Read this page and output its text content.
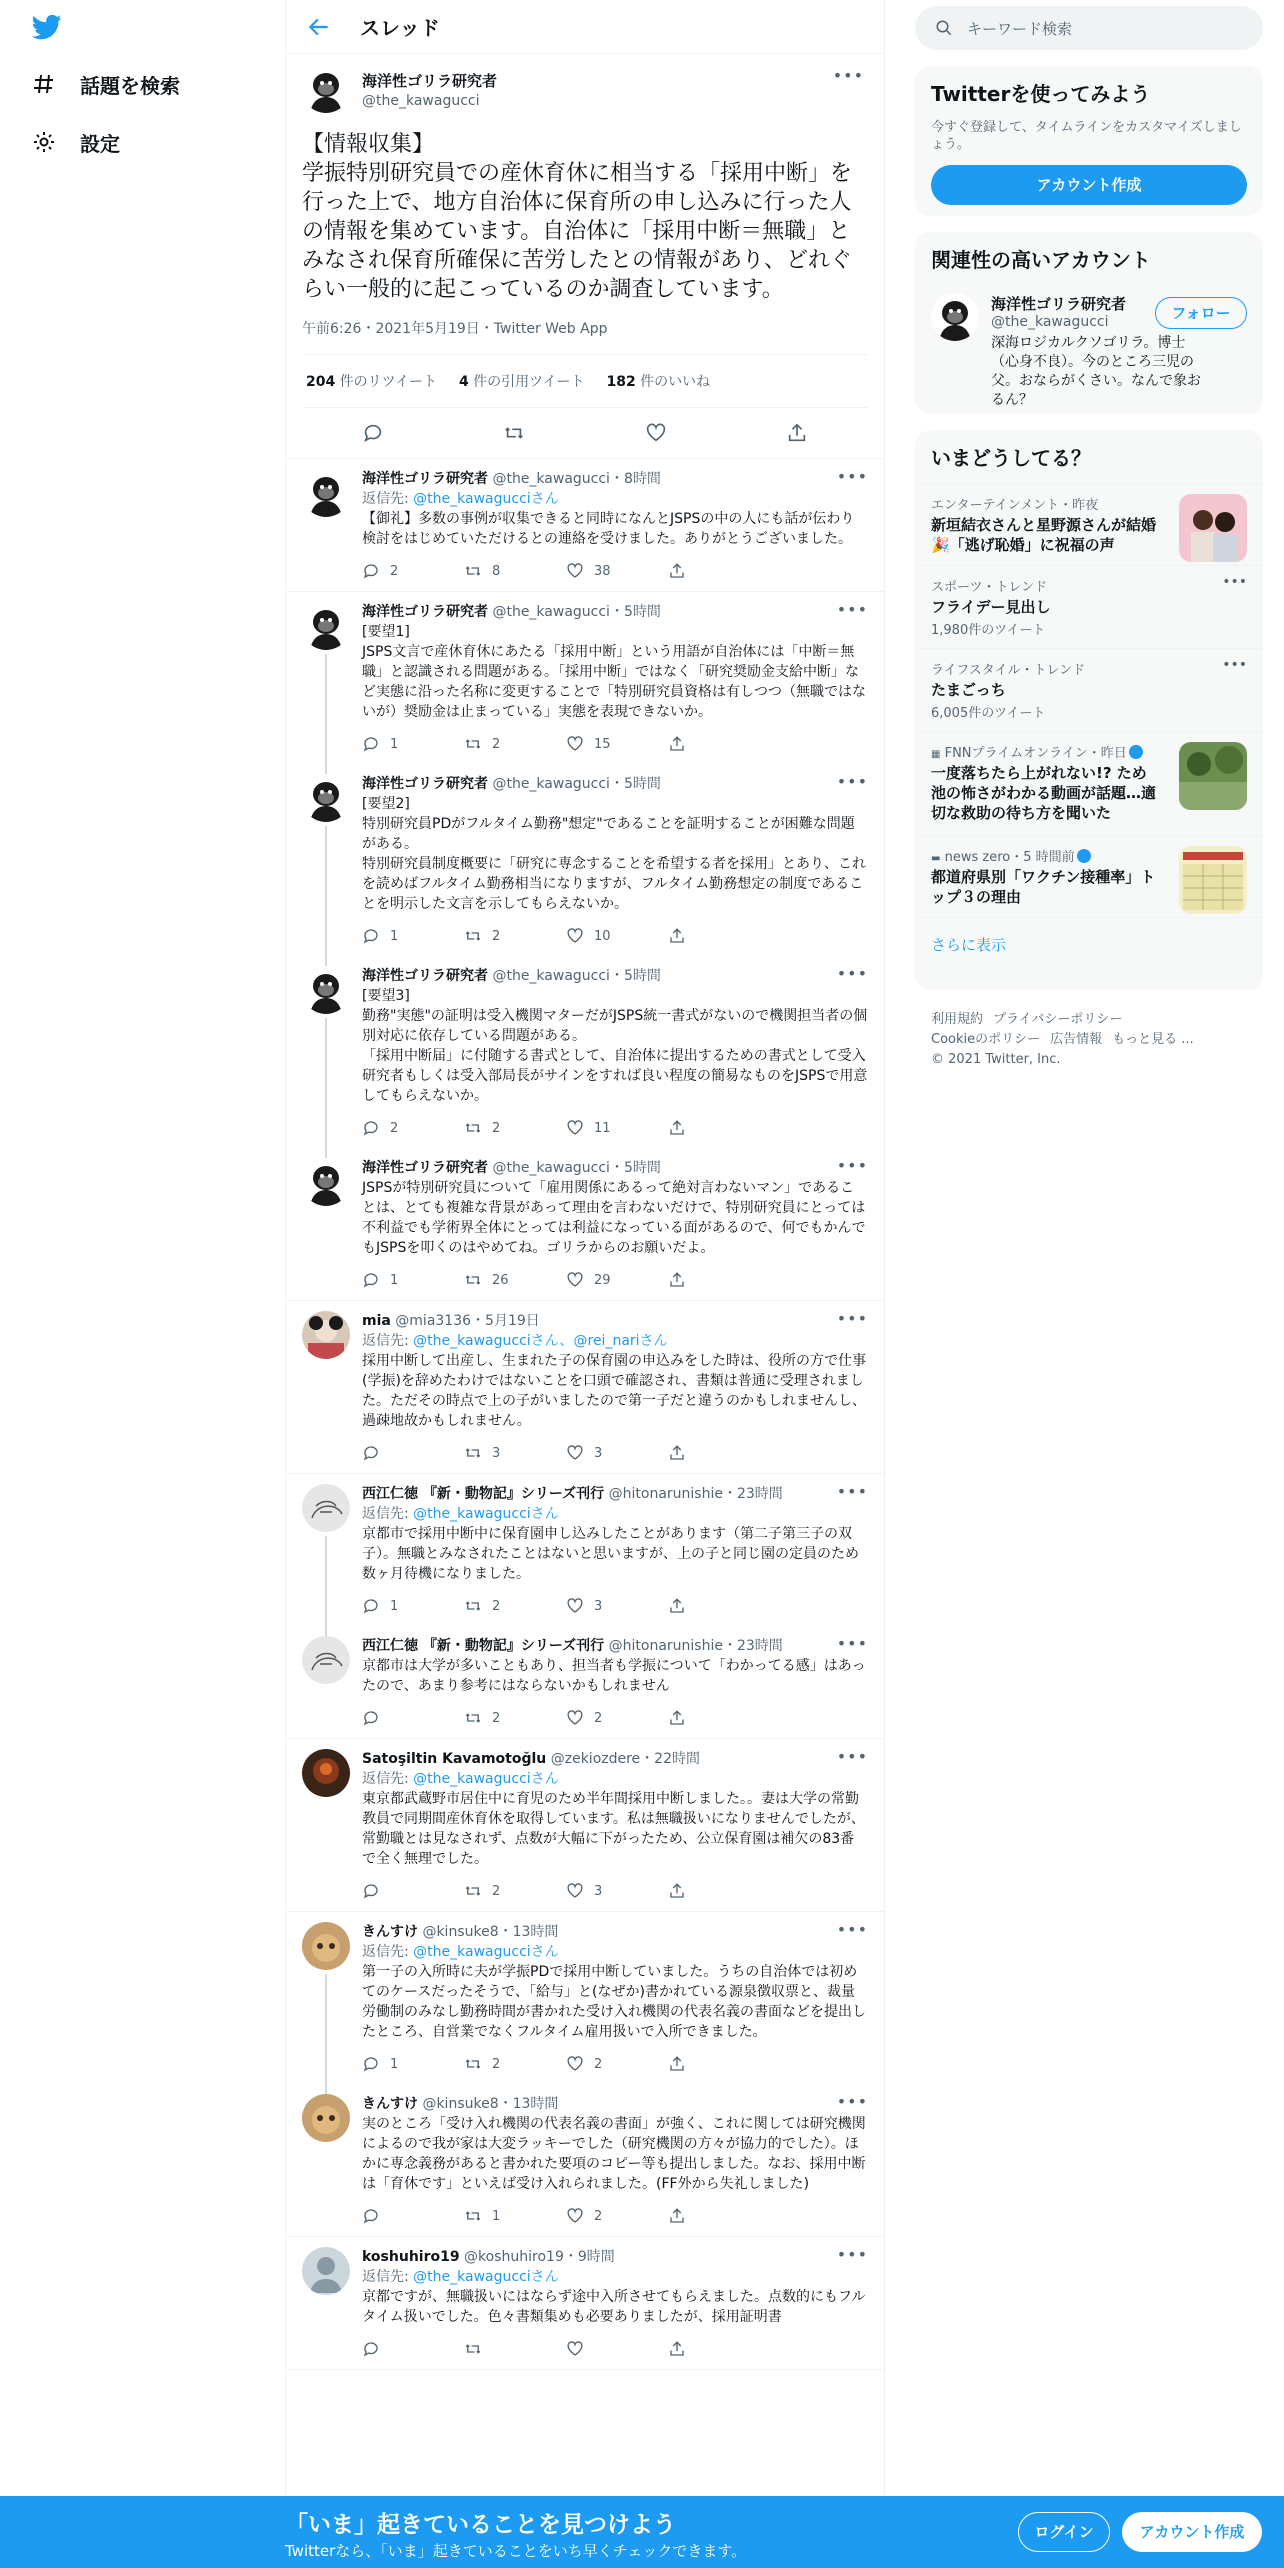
話題を検索
設定
スレッド
海洋性ゴリラ研究者
@the_kawagucci
•••
【情報収集】
学振特別研究員での産休育休に相当する「採用中断」を行った上で、地方自治体に保育所の申し込みに行った人の情報を集めています。自治体に「採用中断＝無職」とみなされ保育所確保に苦労したとの情報があり、どれぐらい一般的に起こっているのか調査しています。
午前6:26・2021年5月19日・Twitter Web App
204 件のリツイート 4 件の引用ツイート 182 件のいいね
•••
海洋性ゴリラ研究者 @the_kawagucci・8時間
返信先: @the_kawagucciさん
【御礼】多数の事例が収集できると同時になんとJSPSの中の人にも話が伝わり検討をはじめていただけるとの連絡を受けました。ありがとうございました。
2	8	38
•••
海洋性ゴリラ研究者 @the_kawagucci・5時間
[要望1]
JSPS文言で産休育休にあたる「採用中断」という用語が自治体には「中断＝無職」と認識される問題がある。「採用中断」ではなく「研究奨励金支給中断」など実態に沿った名称に変更することで「特別研究員資格は有しつつ（無職ではないが）奨励金は止まっている」実態を表現できないか。
1	2	15
•••
海洋性ゴリラ研究者 @the_kawagucci・5時間
[要望2]
特別研究員PDがフルタイム勤務"想定"であることを証明することが困難な問題がある。
特別研究員制度概要に「研究に専念することを希望する者を採用」とあり、これを読めばフルタイム勤務相当になりますが、フルタイム勤務想定の制度であることを明示した文言を示してもらえないか。
1	2	10
•••
海洋性ゴリラ研究者 @the_kawagucci・5時間
[要望3]
勤務"実態"の証明は受入機関マターだがJSPS統一書式がないので機関担当者の個別対応に依存している問題がある。
「採用中断届」に付随する書式として、自治体に提出するための書式として受入研究者もしくは受入部局長がサインをすれば良い程度の簡易なものをJSPSで用意してもらえないか。
2	2	11
•••
海洋性ゴリラ研究者 @the_kawagucci・5時間
JSPSが特別研究員について「雇用関係にあるって絶対言わないマン」であることは、とても複雑な背景があって理由を言わないだけで、特別研究員にとっては不利益でも学術界全体にとっては利益になっている面があるので、何でもかんでもJSPSを叩くのはやめてね。ゴリラからのお願いだよ。
1	26	29
•••
mia @mia3136・5月19日
返信先: @the_kawagucciさん、@rei_nariさん
採用中断して出産し、生まれた子の保育園の申込みをした時は、役所の方で仕事(学振)を辞めたわけではないことを口頭で確認され、書類は普通に受理されました。ただその時点で上の子がいましたので第一子だと違うのかもしれませんし、過疎地故かもしれません。
3	3
•••
西江仁徳 『新・動物記』シリーズ刊行 @hitonarunishie・23時間
返信先: @the_kawagucciさん
京都市で採用中断中に保育園申し込みしたことがあります（第二子第三子の双子）。無職とみなされたことはないと思いますが、上の子と同じ園の定員のため数ヶ月待機になりました。
1	2	3
•••
西江仁徳 『新・動物記』シリーズ刊行 @hitonarunishie・23時間
京都市は大学が多いこともあり、担当者も学振について「わかってる感」はあったので、あまり参考にはならないかもしれません
2	2
•••
Satoşiltin Kavamotoğlu @zekiozdere・22時間
返信先: @the_kawagucciさん
東京都武蔵野市居住中に育児のため半年間採用中断しました。。妻は大学の常勤教員で同期間産休育休を取得しています。私は無職扱いになりませんでしたが、常勤職とは見なされず、点数が大幅に下がったため、公立保育園は補欠の83番で全く無理でした。
2	3
•••
きんすけ @kinsuke8・13時間
返信先: @the_kawagucciさん
第一子の入所時に夫が学振PDで採用中断していました。うちの自治体では初めてのケースだったそうで、「給与」と(なぜか)書かれている源泉徴収票と、裁量労働制のみなし勤務時間が書かれた受け入れ機関の代表名義の書面などを提出したところ、自営業でなくフルタイム雇用扱いで入所できました。
1	2	2
•••
きんすけ @kinsuke8・13時間
実のところ「受け入れ機関の代表名義の書面」が強く、これに関しては研究機関によるので我が家は大変ラッキーでした（研究機関の方々が協力的でした）。ほかに専念義務があると書かれた要項のコピー等も提出しました。なお、採用中断は「育休です」といえば受け入れられました。(FF外から失礼しました)
1	2
•••
koshuhiro19 @koshuhiro19・9時間
返信先: @the_kawagucciさん
京都ですが、無職扱いにはならず途中入所させてもらえました。点数的にもフルタイム扱いでした。色々書類集めも必要ありましたが、採用証明書
キーワード検索
Twitterを使ってみよう
今すぐ登録して、タイムラインをカスタマイズしましょう。
アカウント作成
関連性の高いアカウント
海洋性ゴリラ研究者
@the_kawagucci
深海ロジカルクソゴリラ。博士（心身不良）。今のところ三児の父。おならがくさい。なんで象おるん？
フォロー
いまどうしてる？
エンターテインメント・昨夜
新垣結衣さんと星野源さんが結婚 🎉「逃げ恥婚」に祝福の声
スポーツ・トレンド
フライデー見出し
1,980件のツイート
•••
ライフスタイル・トレンド
たまごっち
6,005件のツイート
•••
▦ FNNプライムオンライン・昨日
一度落ちたら上がれない!? ため池の怖さがわかる動画が話題…適切な救助の待ち方を聞いた
▬ news zero・5 時間前
都道府県別「ワクチン接種率」トップ３の理由
さらに表示
利用規約 プライバシーポリシー
Cookieのポリシー 広告情報 もっと見る ...
© 2021 Twitter, Inc.
「いま」起きていることを見つけよう
Twitterなら、「いま」起きていることをいち早くチェックできます。
ログイン	アカウント作成
